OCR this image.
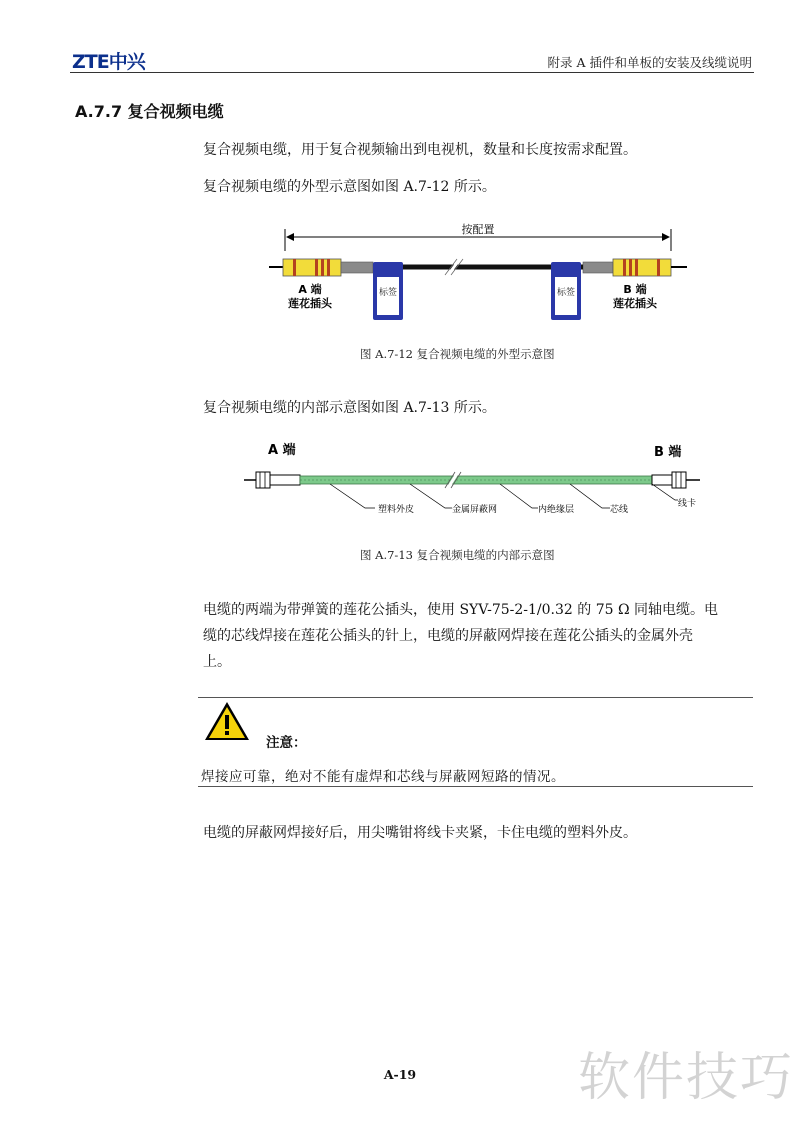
ZTE中兴	附录 A 插件和单板的安装及线缆说明
A.7.7 复合视频电缆
复合视频电缆，用于复合视频输出到电视机，数量和长度按需求配置。
复合视频电缆的外型示意图如图 A.7-12 所示。
按配置
标签	标签
A 端
莲花插头
B 端
莲花插头
图 A.7-12 复合视频电缆的外型示意图
复合视频电缆的内部示意图如图 A.7-13 所示。
A 端	B 端
塑料外皮	金属屏蔽网	内绝缘层	芯线
线卡
图 A.7-13 复合视频电缆的内部示意图
电缆的两端为带弹簧的莲花公插头，使用 SYV-75-2-1/0.32 的 75 Ω 同轴电缆。电
缆的芯线焊接在莲花公插头的针上，电缆的屏蔽网焊接在莲花公插头的金属外壳
上。
注意：
焊接应可靠，绝对不能有虚焊和芯线与屏蔽网短路的情况。
电缆的屏蔽网焊接好后，用尖嘴钳将线卡夹紧，卡住电缆的塑料外皮。
A-19	软件技巧
